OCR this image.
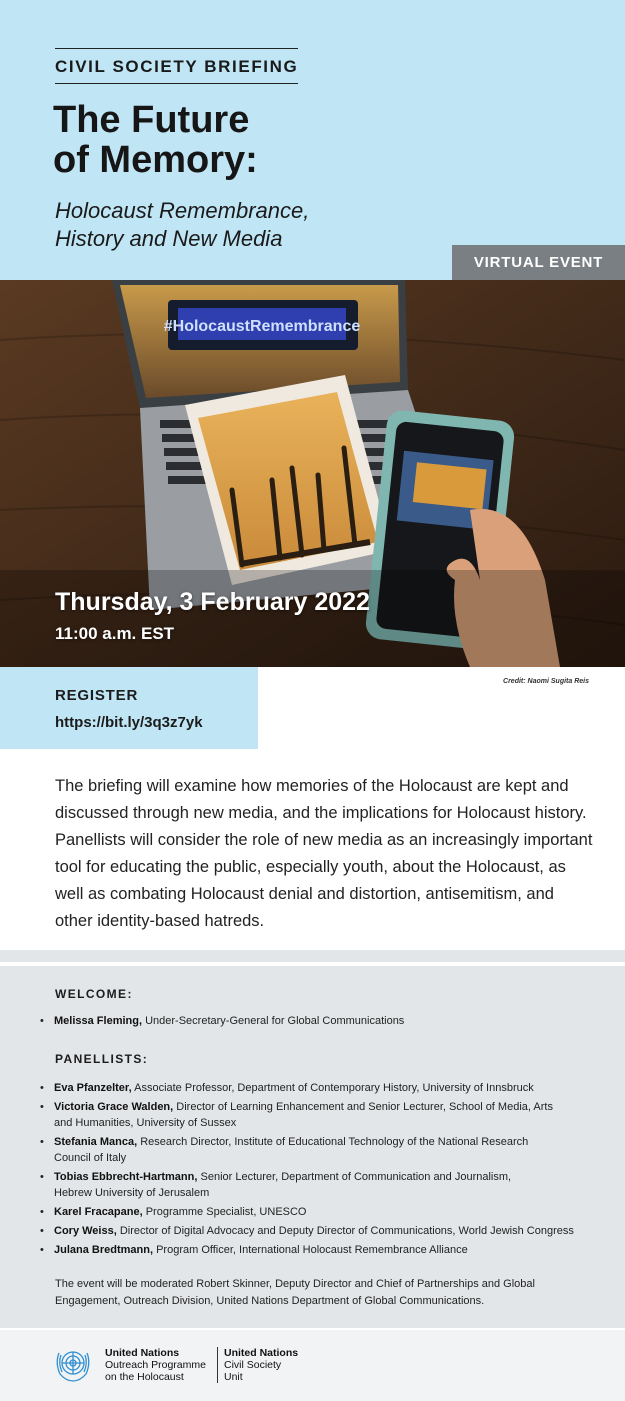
CIVIL SOCIETY BRIEFING
The Future
of Memory:
Holocaust Remembrance,
History and New Media
VIRTUAL EVENT
#HolocaustRemembrance
Thursday, 3 February 2022
11:00 a.m. EST
REGISTER
https://bit.ly/3q3z7yk
Credit: Naomi Sugita Reis

The briefing will examine how memories of the Holocaust are kept and discussed through new media, and the implications for Holocaust history. Panellists will consider the role of new media as an increasingly important tool for educating the public, especially youth, about the Holocaust, as well as combating Holocaust denial and distortion, antisemitism, and other identity-based hatreds.

WELCOME:
• Melissa Fleming, Under-Secretary-General for Global Communications
PANELLISTS:
• Eva Pfanzelter, Associate Professor, Department of Contemporary History, University of Innsbruck
• Victoria Grace Walden, Director of Learning Enhancement and Senior Lecturer, School of Media, Arts and Humanities, University of Sussex
• Stefania Manca, Research Director, Institute of Educational Technology of the National Research Council of Italy
• Tobias Ebbrecht-Hartmann, Senior Lecturer, Department of Communication and Journalism, Hebrew University of Jerusalem
• Karel Fracapane, Programme Specialist, UNESCO
• Cory Weiss, Director of Digital Advocacy and Deputy Director of Communications, World Jewish Congress
• Julana Bredtmann, Program Officer, International Holocaust Remembrance Alliance

The event will be moderated Robert Skinner, Deputy Director and Chief of Partnerships and Global Engagement, Outreach Division, United Nations Department of Global Communications.

United Nations
Outreach Programme
on the Holocaust
United Nations
Civil Society
Unit
